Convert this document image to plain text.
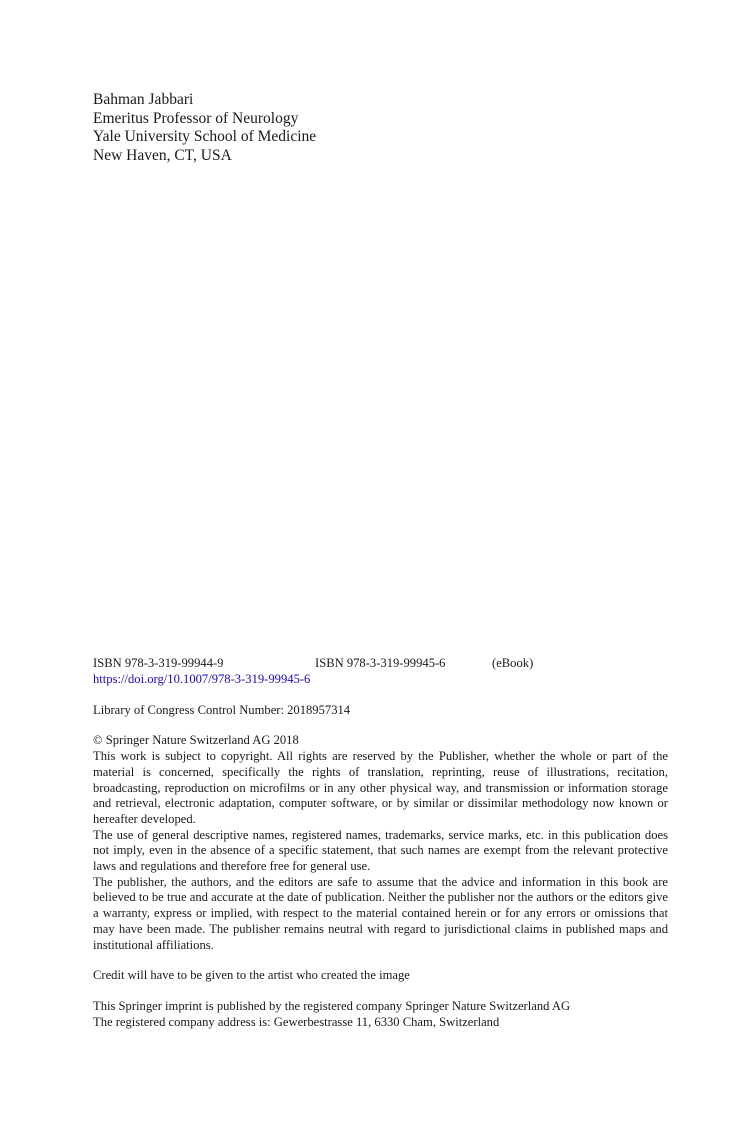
Bahman Jabbari
Emeritus Professor of Neurology
Yale University School of Medicine
New Haven, CT, USA
ISBN 978-3-319-99944-9	ISBN 978-3-319-99945-6	(eBook)
https://doi.org/10.1007/978-3-319-99945-6

Library of Congress Control Number: 2018957314

© Springer Nature Switzerland AG 2018

This work is subject to copyright. All rights are reserved by the Publisher, whether the whole or part of the material is concerned, specifically the rights of translation, reprinting, reuse of illustrations, recitation, broadcasting, reproduction on microfilms or in any other physical way, and transmission or information storage and retrieval, electronic adaptation, computer software, or by similar or dissimilar methodology now known or hereafter developed.

The use of general descriptive names, registered names, trademarks, service marks, etc. in this publication does not imply, even in the absence of a specific statement, that such names are exempt from the relevant protective laws and regulations and therefore free for general use.

The publisher, the authors, and the editors are safe to assume that the advice and information in this book are believed to be true and accurate at the date of publication. Neither the publisher nor the authors or the editors give a warranty, express or implied, with respect to the material contained herein or for any errors or omissions that may have been made. The publisher remains neutral with regard to jurisdictional claims in published maps and institutional affiliations.

Credit will have to be given to the artist who created the image

This Springer imprint is published by the registered company Springer Nature Switzerland AG

The registered company address is: Gewerbestrasse 11, 6330 Cham, Switzerland
